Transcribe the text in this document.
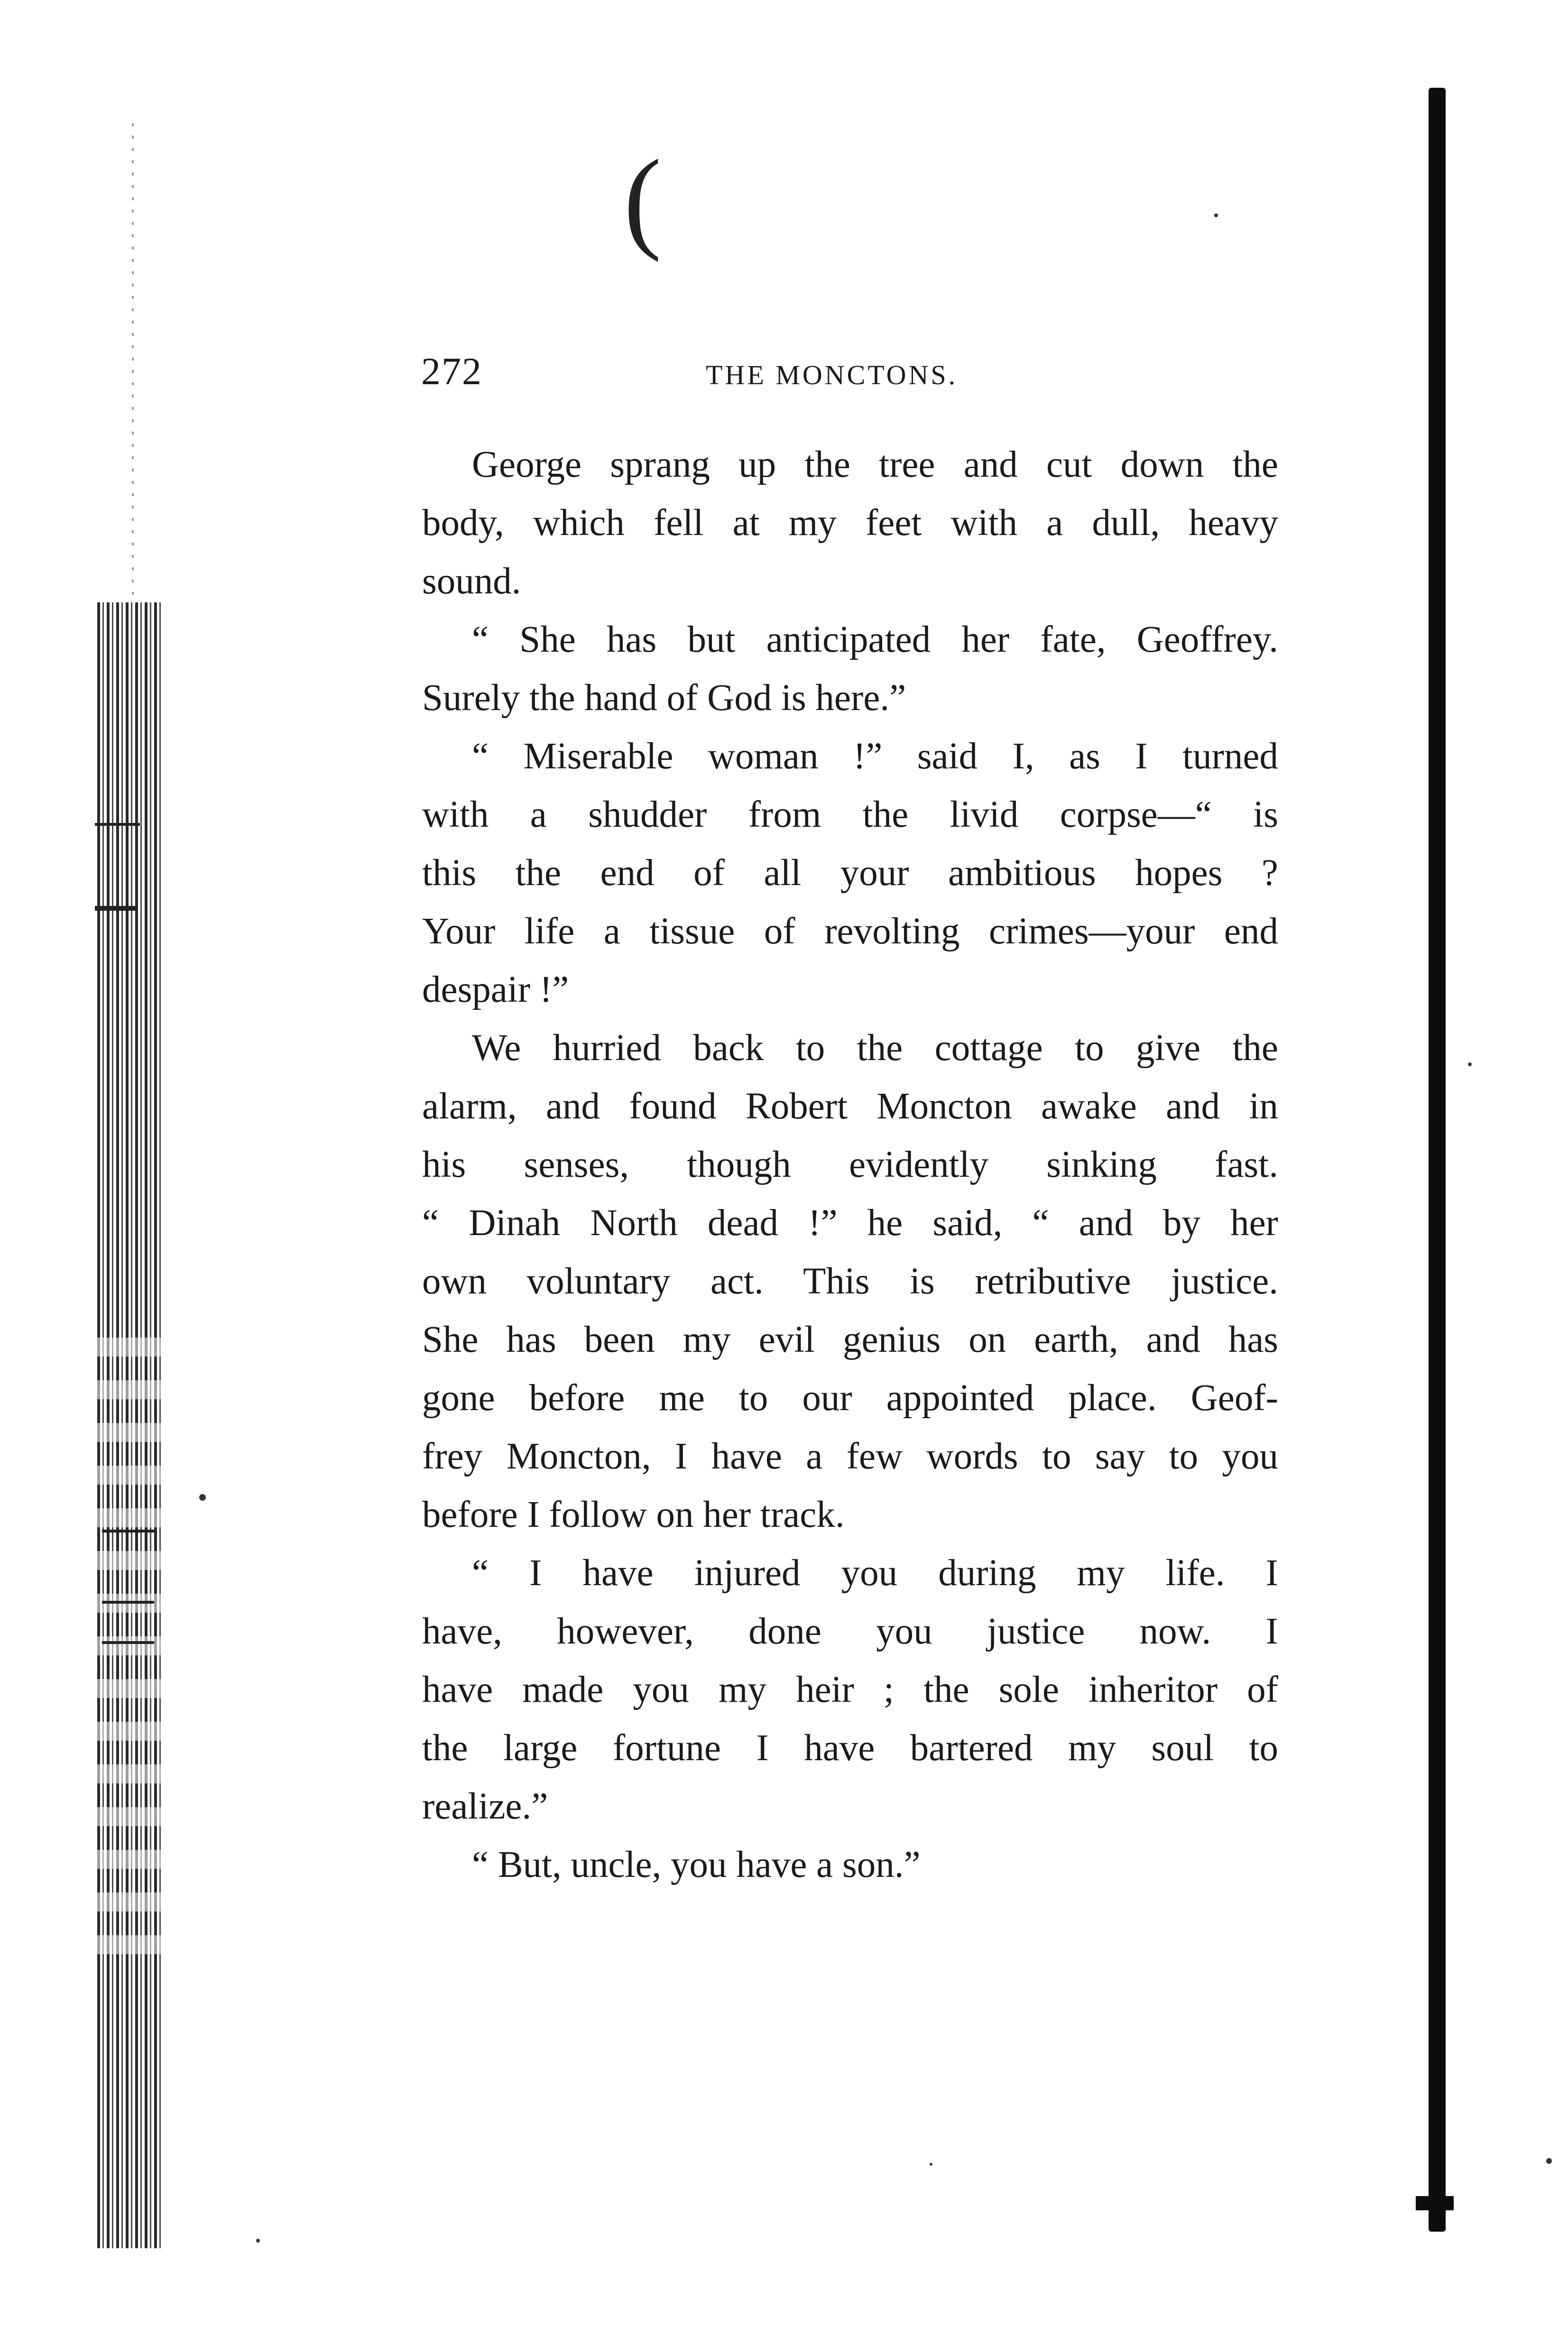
(
272	THE MONCTONS.
George sprang up the tree and cut down the
body, which fell at my feet with a dull, heavy
sound.
“ She has but anticipated her fate, Geoffrey.
Surely the hand of God is here.”
“ Miserable woman !” said I, as I turned
with a shudder from the livid corpse—“ is
this the end of all your ambitious hopes ?
Your life a tissue of revolting crimes—your end
despair !”
We hurried back to the cottage to give the
alarm, and found Robert Moncton awake and in
his senses, though evidently sinking fast.
“ Dinah North dead !” he said, “ and by her
own voluntary act. This is retributive justice.
She has been my evil genius on earth, and has
gone before me to our appointed place. Geof-
frey Moncton, I have a few words to say to you
before I follow on her track.
“ I have injured you during my life. I
have, however, done you justice now. I
have made you my heir ; the sole inheritor of
the large fortune I have bartered my soul to
realize.”
“ But, uncle, you have a son.”
